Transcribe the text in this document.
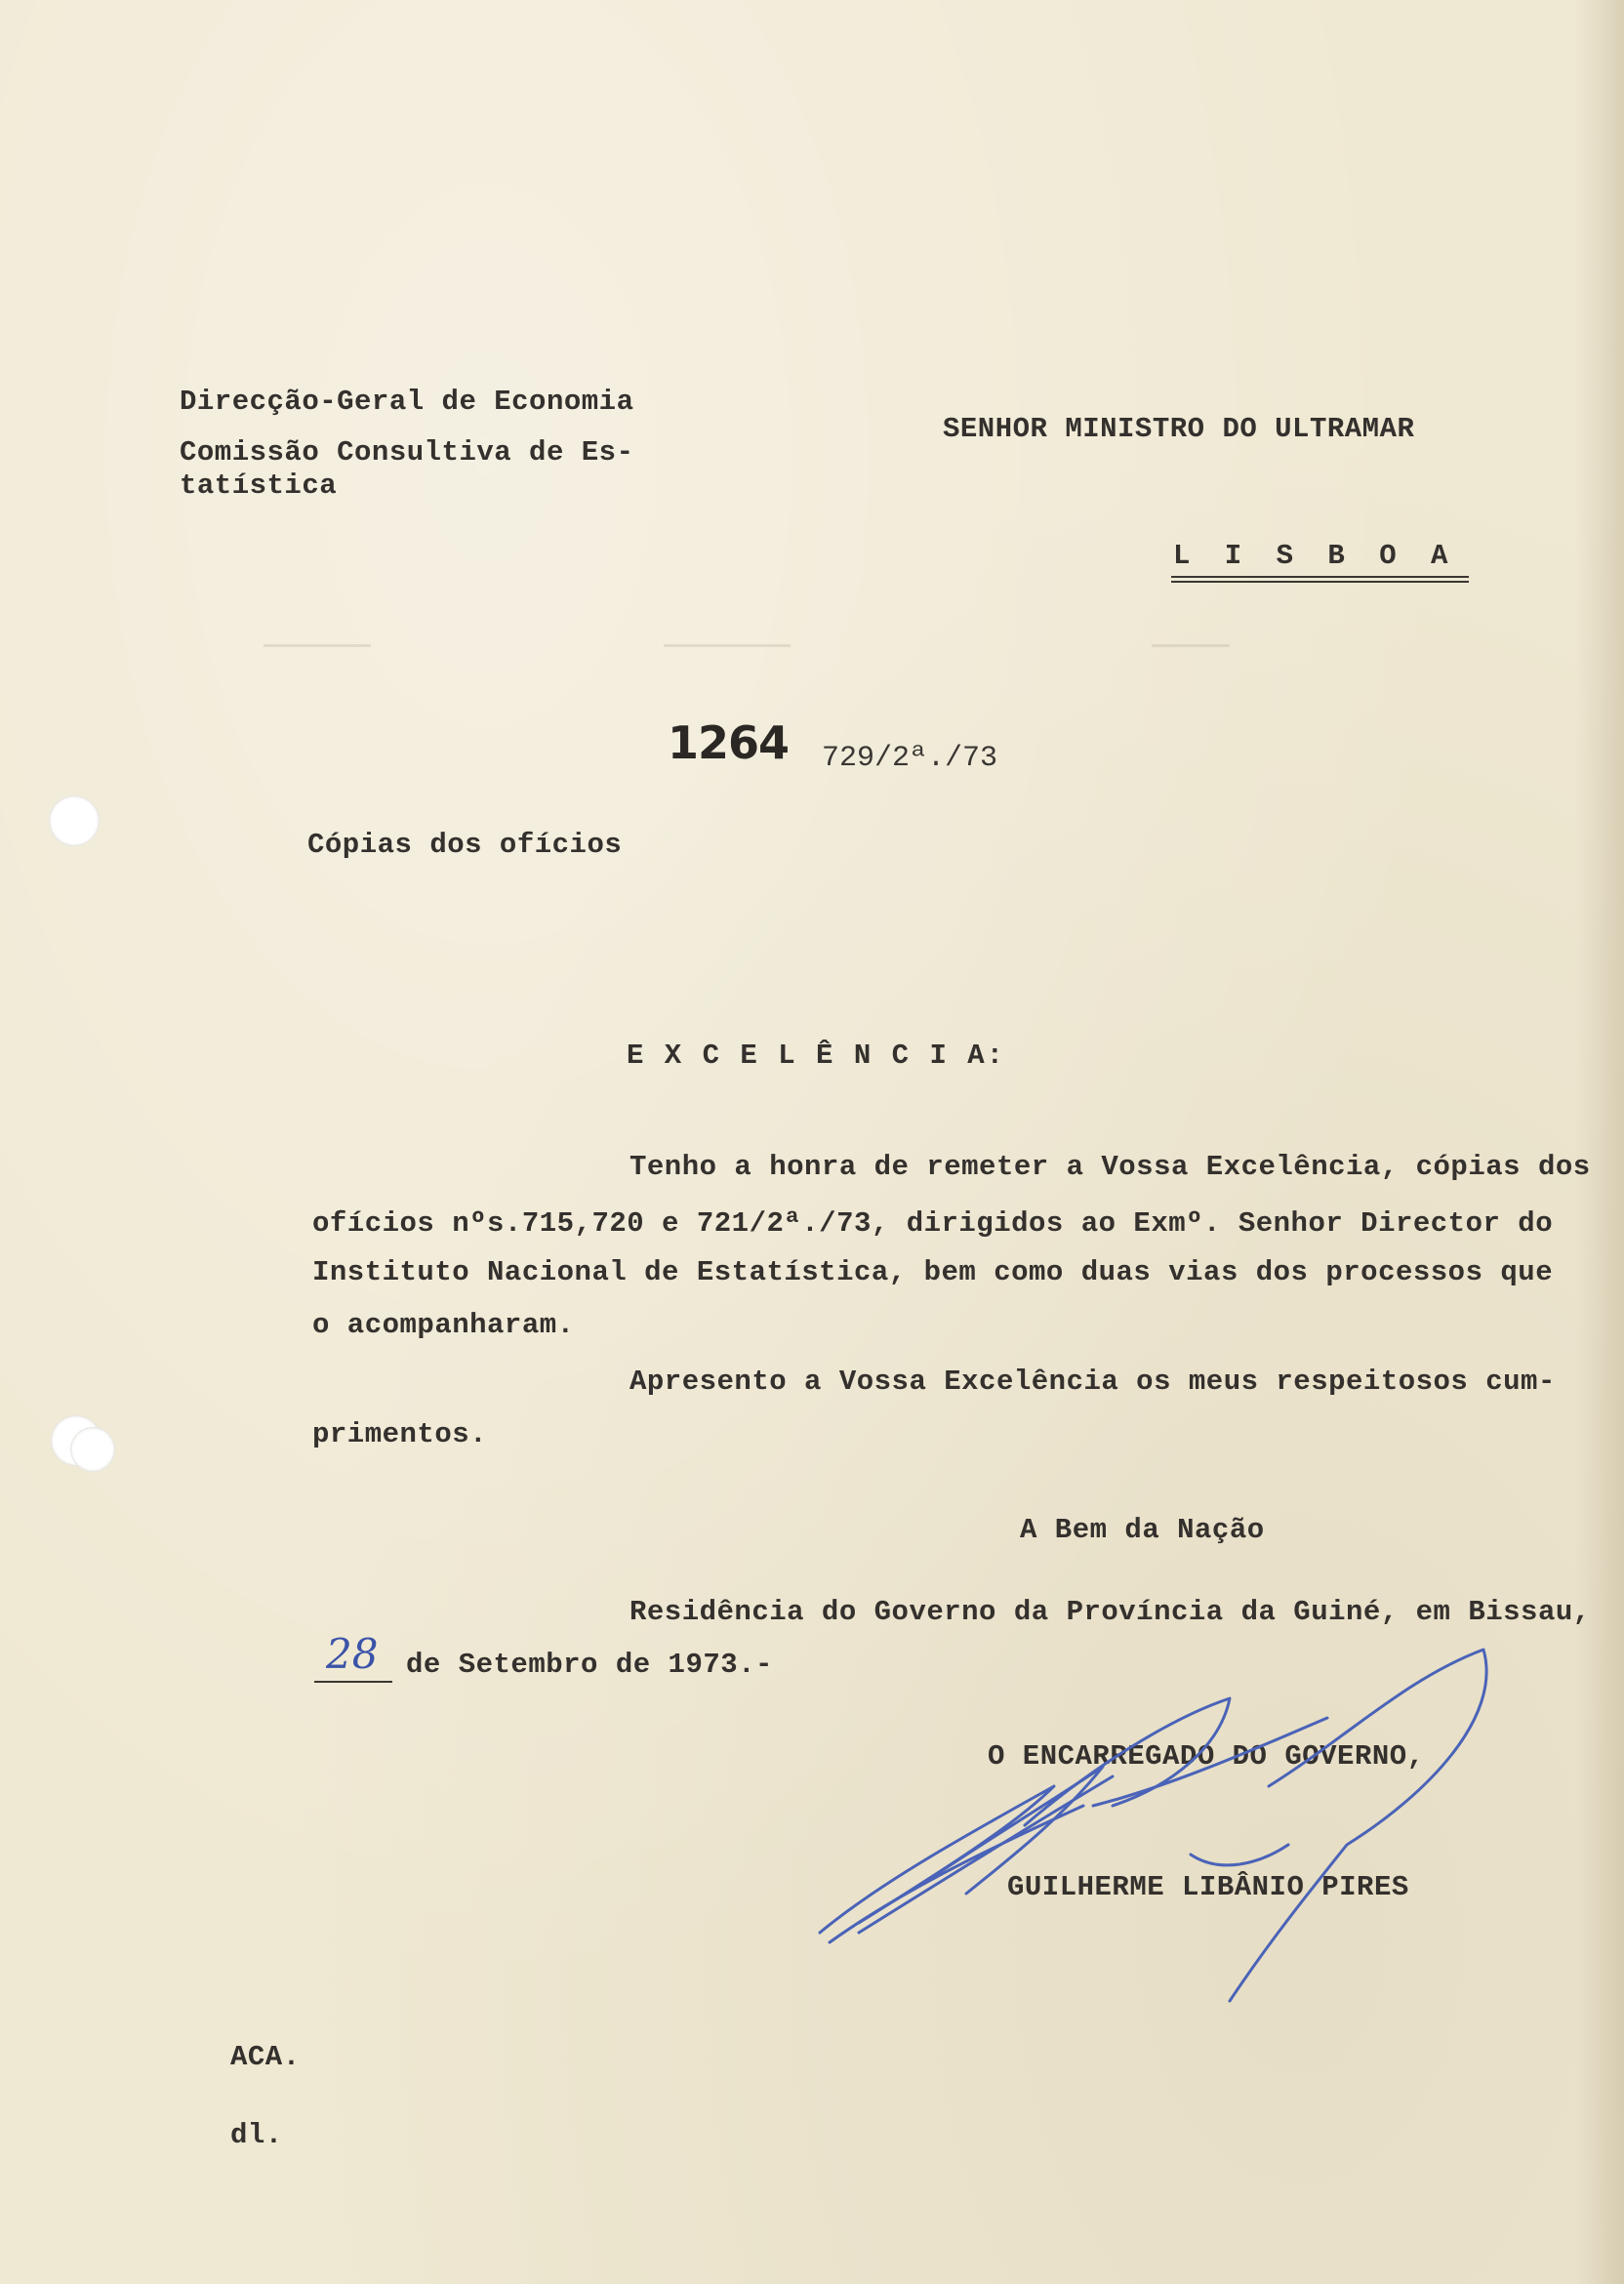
Direcção-Geral de Economia

Comissão Consultiva de Es-

tatística

SENHOR MINISTRO DO ULTRAMAR

L I S B O A

1264 729/2ª./73

Cópias dos ofícios

E X C E L Ê N C I A:

Tenho a honra de remeter a Vossa Excelência, cópias dos

ofícios nºs.715,720 e 721/2ª./73, dirigidos ao Exmº. Senhor Director do

Instituto Nacional de Estatística, bem como duas vias dos processos que

o acompanharam.

Apresento a Vossa Excelência os meus respeitosos cum-

primentos.

A Bem da Nação

Residência do Governo da Província da Guiné, em Bissau,

28 de Setembro de 1973.-

O ENCARREGADO DO GOVERNO,

GUILHERME LIBÂNIO PIRES

ACA.

dl.
